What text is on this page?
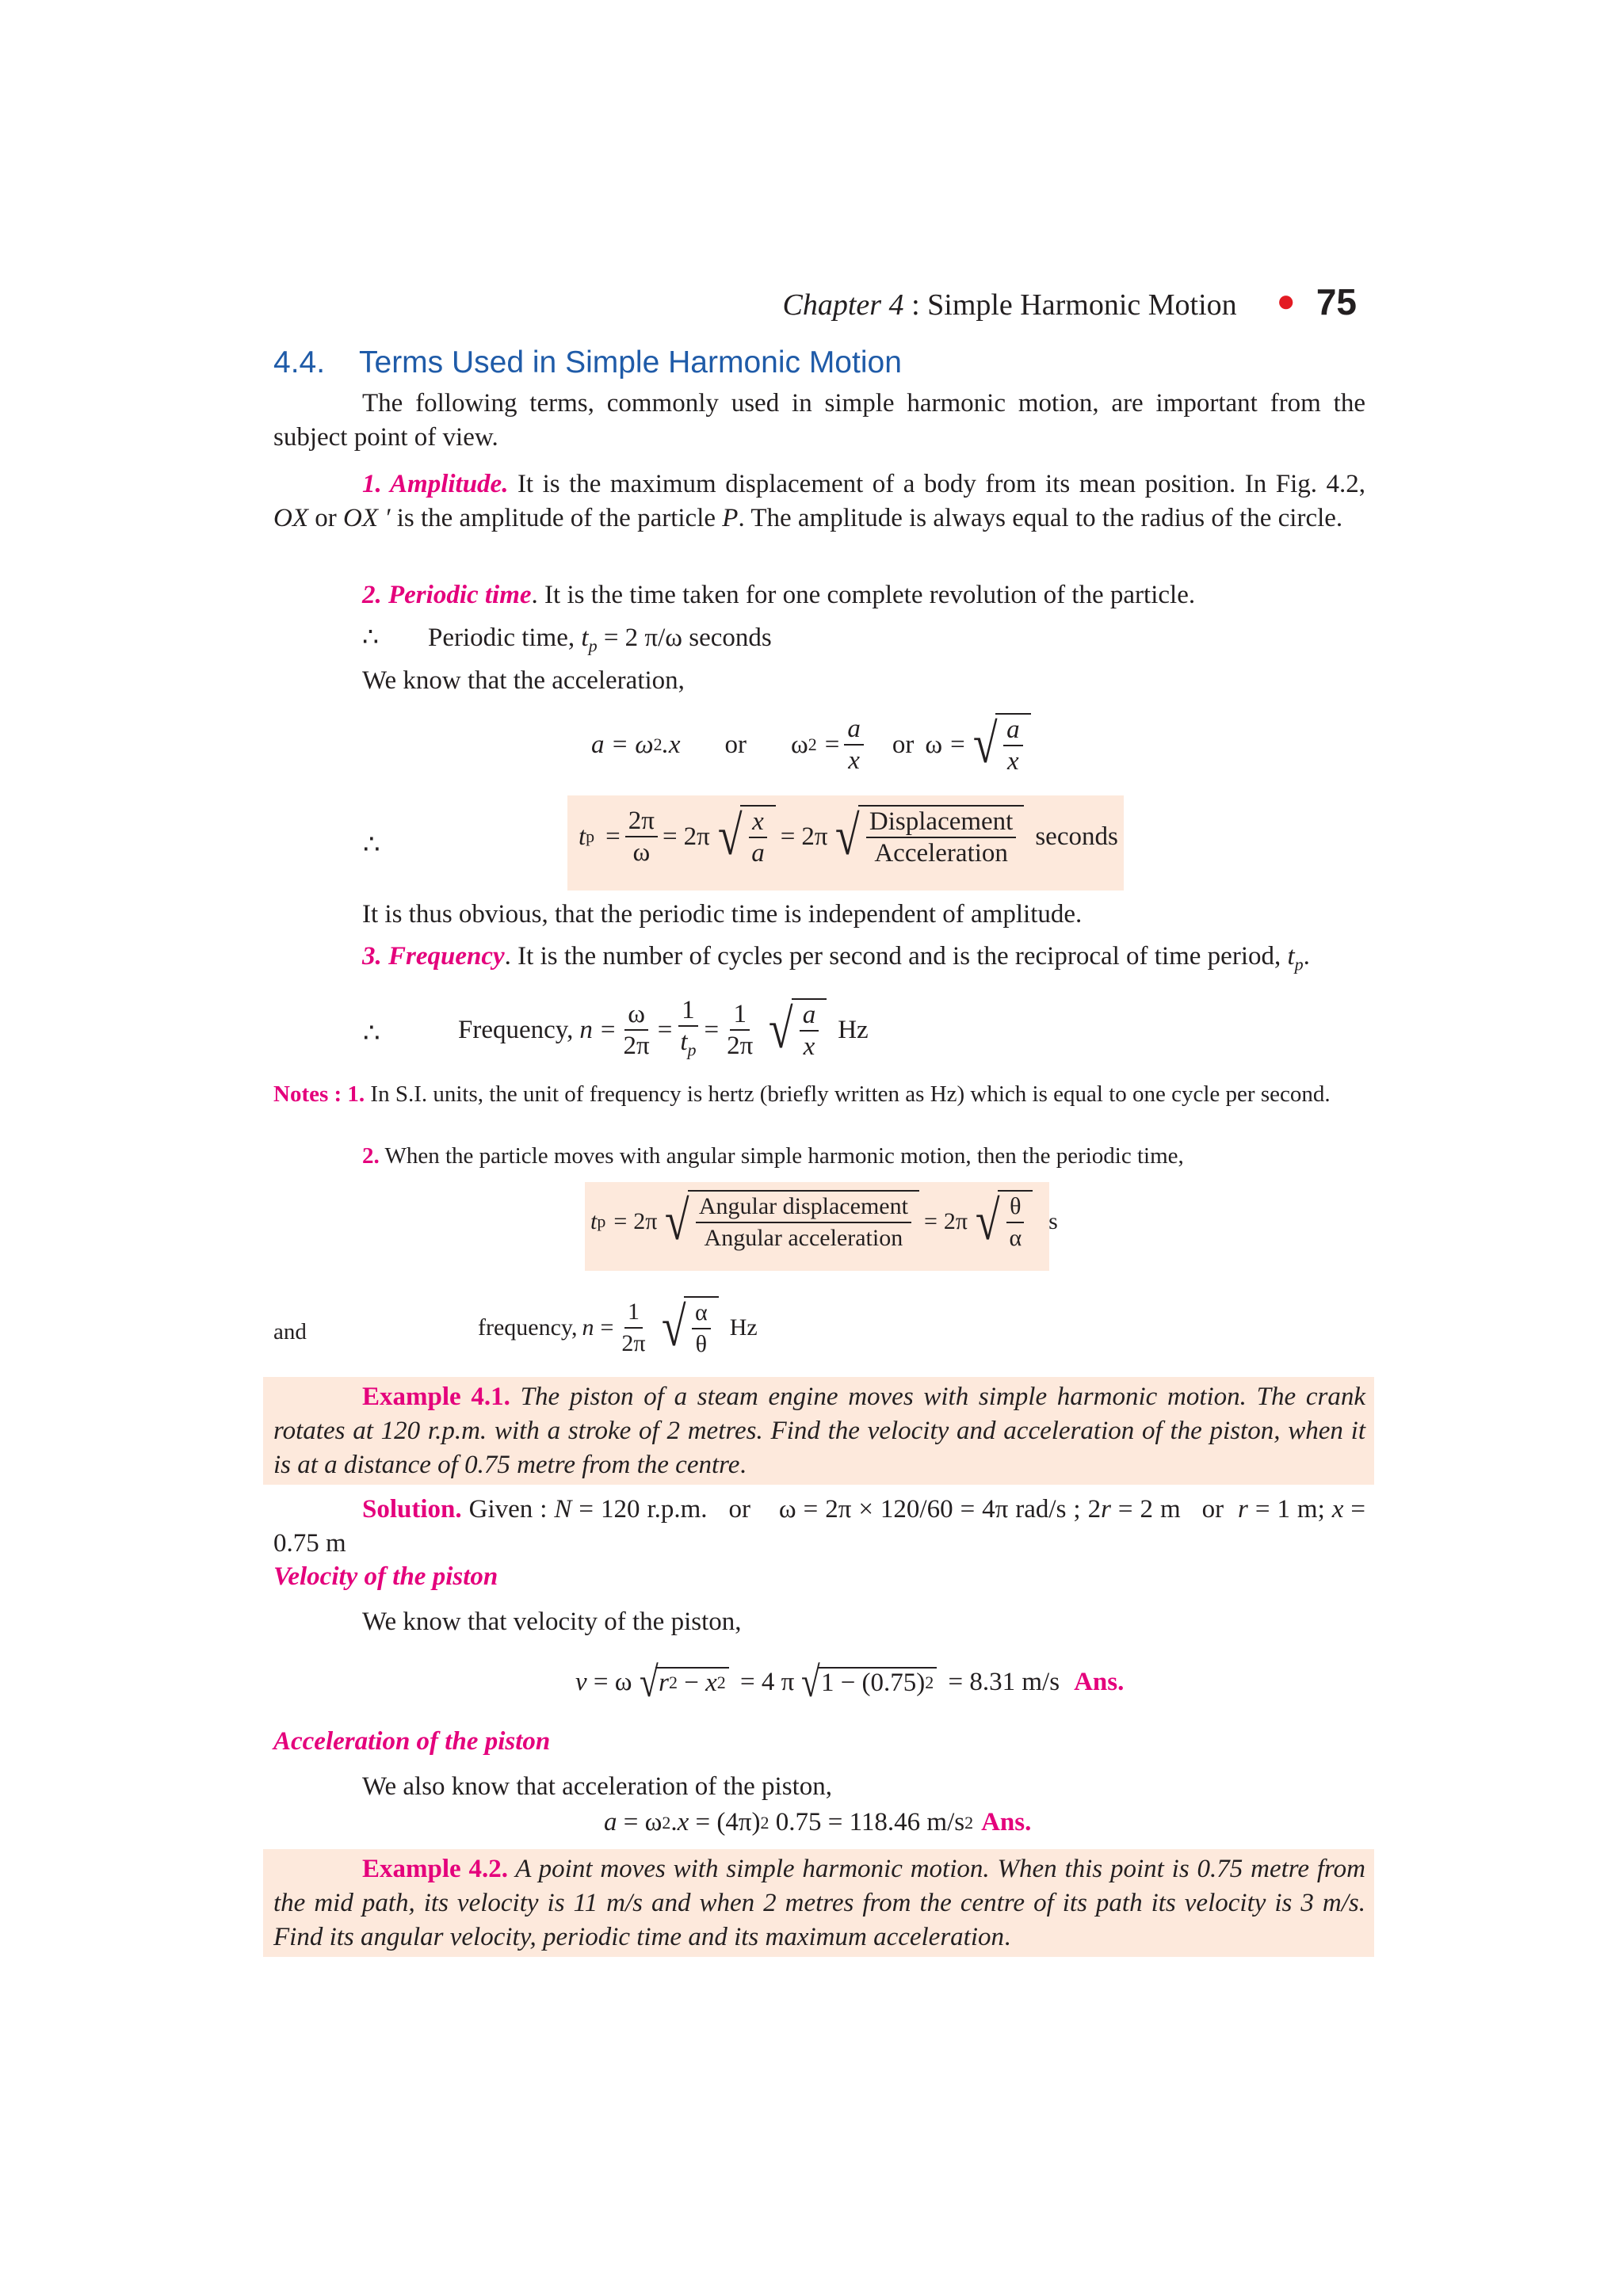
Chapter 4 : Simple Harmonic Motion ● 75
4.4. Terms Used in Simple Harmonic Motion
The following terms, commonly used in simple harmonic motion, are important from the subject point of view.
1. Amplitude. It is the maximum displacement of a body from its mean position. In Fig. 4.2, OX or OX ′ is the amplitude of the particle P. The amplitude is always equal to the radius of the circle.
2. Periodic time. It is the time taken for one complete revolution of the particle.
∴ Periodic time, $t_p = 2$ π/ω seconds
We know that the acceleration,
a = ω 2 .x or ω $2 = \frac{a}{x}$ or ω = √ $\frac{a}{x}$
∴	t $p = \frac{2\pi}{\omega} = 2\pi$ √ $\frac{x}{a} = 2\pi$ √ $\frac{\text{Displacement}}{\text{Acceleration}}$ seconds
It is thus obvious, that the periodic time is independent of amplitude.
3. Frequency. It is the number of cycles per second and is the reciprocal of time period, $t_p$.
∴	Frequency, $n = \frac{\omega}{2\pi} = \frac{1}{t_p} = \frac{1}{2\pi}$ √ $\frac{a}{x}$ Hz
Notes : 1. In S.I. units, the unit of frequency is hertz (briefly written as Hz) which is equal to one cycle per second.
2. When the particle moves with angular simple harmonic motion, then the periodic time,
t p = 2π √ $\frac{\text{Angular displacement}}{\text{Angular acceleration}} = 2\pi$ √ $\frac{\theta}{\alpha}$ s
and	frequency, $n = \frac{1}{2\pi}$ √ $\frac{\alpha}{\theta}$ Hz
Example 4.1. The piston of a steam engine moves with simple harmonic motion. The crank rotates at 120 r.p.m. with a stroke of 2 metres. Find the velocity and acceleration of the piston, when it is at a distance of 0.75 metre from the centre.
Solution. Given : N = 120 r.p.m.   or    ω = 2π × 120/60 = 4π rad/s ; 2r = 2 m   or  r = 1 m; x = 0.75 m
Velocity of the piston
We know that velocity of the piston,
v = ω √ r 2 − x 2 = 4 π √ 1 − (0.75) 2 = 8.31 m/s Ans.
Acceleration of the piston
We also know that acceleration of the piston,
a = ω 2 . x = (4π) 2 0.75 = 118.46 m/s 2 Ans.
Example 4.2. A point moves with simple harmonic motion. When this point is 0.75 metre from the mid path, its velocity is 11 m/s and when 2 metres from the centre of its path its velocity is 3 m/s. Find its angular velocity, periodic time and its maximum acceleration.
